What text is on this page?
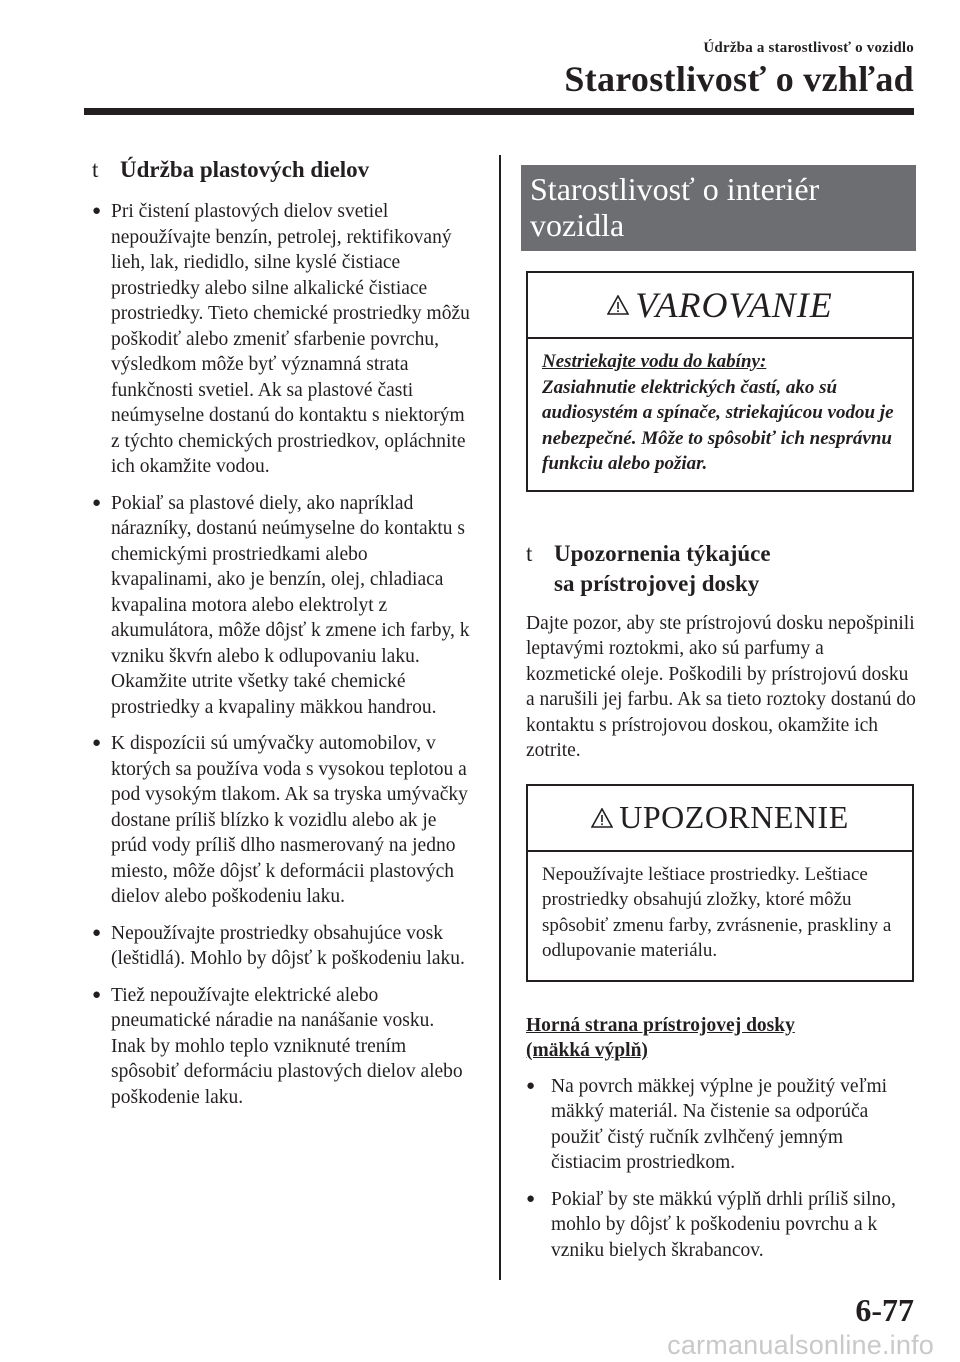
Údržba a starostlivosť o vozidlo
Starostlivosť o vzhľad
t Údržba plastových dielov
● Pri čistení plastových dielov svetiel nepoužívajte benzín, petrolej, rektifikovaný lieh, lak, riedidlo, silne kyslé čistiace prostriedky alebo silne alkalické čistiace prostriedky. Tieto chemické prostriedky môžu poškodiť alebo zmeniť sfarbenie povrchu, výsledkom môže byť významná strata funkčnosti svetiel. Ak sa plastové časti neúmyselne dostanú do kontaktu s niektorým z týchto chemických prostriedkov, opláchnite ich okamžite vodou.
● Pokiaľ sa plastové diely, ako napríklad nárazníky, dostanú neúmyselne do kontaktu s chemickými prostriedkami alebo kvapalinami, ako je benzín, olej, chladiaca kvapalina motora alebo elektrolyt z akumulátora, môže dôjsť k zmene ich farby, k vzniku škvŕn alebo k odlupovaniu laku. Okamžite utrite všetky také chemické prostriedky a kvapaliny mäkkou handrou.
● K dispozícii sú umývačky automobilov, v ktorých sa používa voda s vysokou teplotou a pod vysokým tlakom. Ak sa tryska umývačky dostane príliš blízko k vozidlu alebo ak je prúd vody príliš dlho nasmerovaný na jedno miesto, môže dôjsť k deformácii plastových dielov alebo poškodeniu laku.
● Nepoužívajte prostriedky obsahujúce vosk (leštidlá). Mohlo by dôjsť k poškodeniu laku.
● Tiež nepoužívajte elektrické alebo pneumatické náradie na nanášanie vosku. Inak by mohlo teplo vzniknuté trením spôsobiť deformáciu plastových dielov alebo poškodenie laku.
Starostlivosť o interiér vozidla
VAROVANIE
Nestriekajte vodu do kabíny:
Zasiahnutie elektrických častí, ako sú audiosystém a spínače, striekajúcou vodou je nebezpečné. Môže to spôsobiť ich nesprávnu funkciu alebo požiar.
t Upozornenia týkajúce
sa prístrojovej dosky

Dajte pozor, aby ste prístrojovú dosku nepošpinili leptavými roztokmi, ako sú parfumy a kozmetické oleje. Poškodili by prístrojovú dosku a narušili jej farbu. Ak sa tieto roztoky dostanú do kontaktu s prístrojovou doskou, okamžite ich zotrite.

UPOZORNENIE
Nepoužívajte leštiace prostriedky. Leštiace prostriedky obsahujú zložky, ktoré môžu spôsobiť zmenu farby, zvrásnenie, praskliny a odlupovanie materiálu.
Horná strana prístrojovej dosky
(mäkká výplň)
● Na povrch mäkkej výplne je použitý veľmi mäkký materiál. Na čistenie sa odporúča použiť čistý ručník zvlhčený jemným čistiacim prostriedkom.
● Pokiaľ by ste mäkkú výplň drhli príliš silno, mohlo by dôjsť k poškodeniu povrchu a k vzniku bielych škrabancov.
6-77
carmanualsonline.info
